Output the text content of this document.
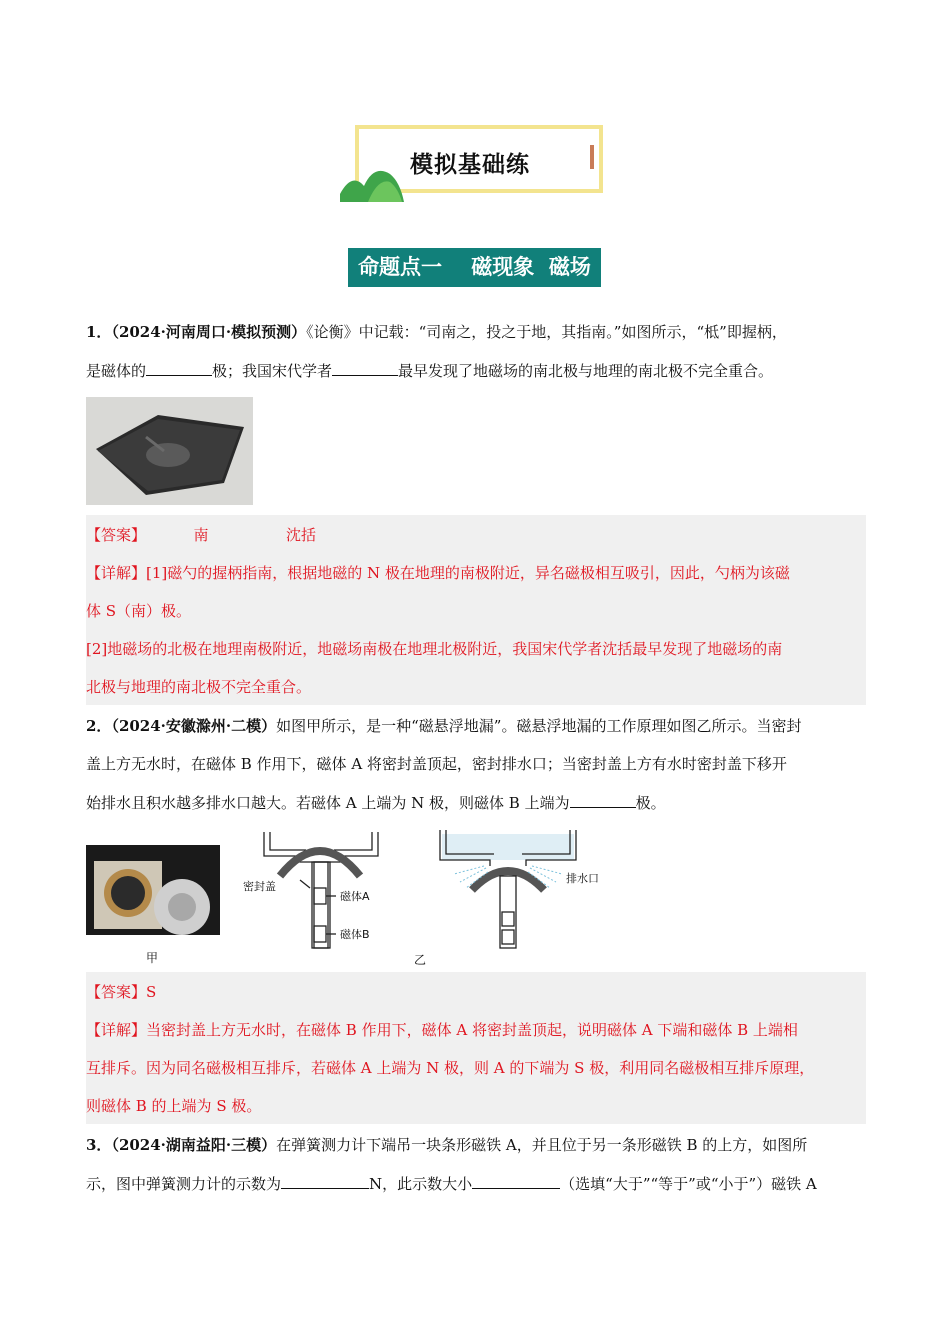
模拟基础练
命题点一    磁现象  磁场
1．（2024·河南周口·模拟预测）《论衡》中记载：“司南之，投之于地，其指南。”如图所示，“柢”即握柄，
是磁体的	极；我国宋代学者	最早发现了地磁场的南北极与地理的南北极不完全重合。
【答案】	南	沈括
【详解】[1]磁勺的握柄指南，根据地磁的 N 极在地理的南极附近，异名磁极相互吸引，因此，勺柄为该磁
体 S（南）极。
[2]地磁场的北极在地理南极附近，地磁场南极在地理北极附近，我国宋代学者沈括最早发现了地磁场的南
北极与地理的南北极不完全重合。
2．（2024·安徽滁州·二模）如图甲所示，是一种“磁悬浮地漏”。磁悬浮地漏的工作原理如图乙所示。当密封
盖上方无水时，在磁体 B 作用下，磁体 A 将密封盖顶起，密封排水口；当密封盖上方有水时密封盖下移开
始排水且积水越多排水口越大。若磁体 A 上端为 N 极，则磁体 B 上端为	极。
甲
密封盖
磁体A
磁体B
排水口
乙
【答案】S
【详解】当密封盖上方无水时，在磁体 B 作用下，磁体 A 将密封盖顶起，说明磁体 A 下端和磁体 B 上端相
互排斥。因为同名磁极相互排斥，若磁体 A 上端为 N 极，则 A 的下端为 S 极，利用同名磁极相互排斥原理，
则磁体 B 的上端为 S 极。
3．（2024·湖南益阳·三模）在弹簧测力计下端吊一块条形磁铁 A，并且位于另一条形磁铁 B 的上方，如图所
示，图中弹簧测力计的示数为	N，此示数大小	（选填“大于”“等于”或“小于”）磁铁 A
